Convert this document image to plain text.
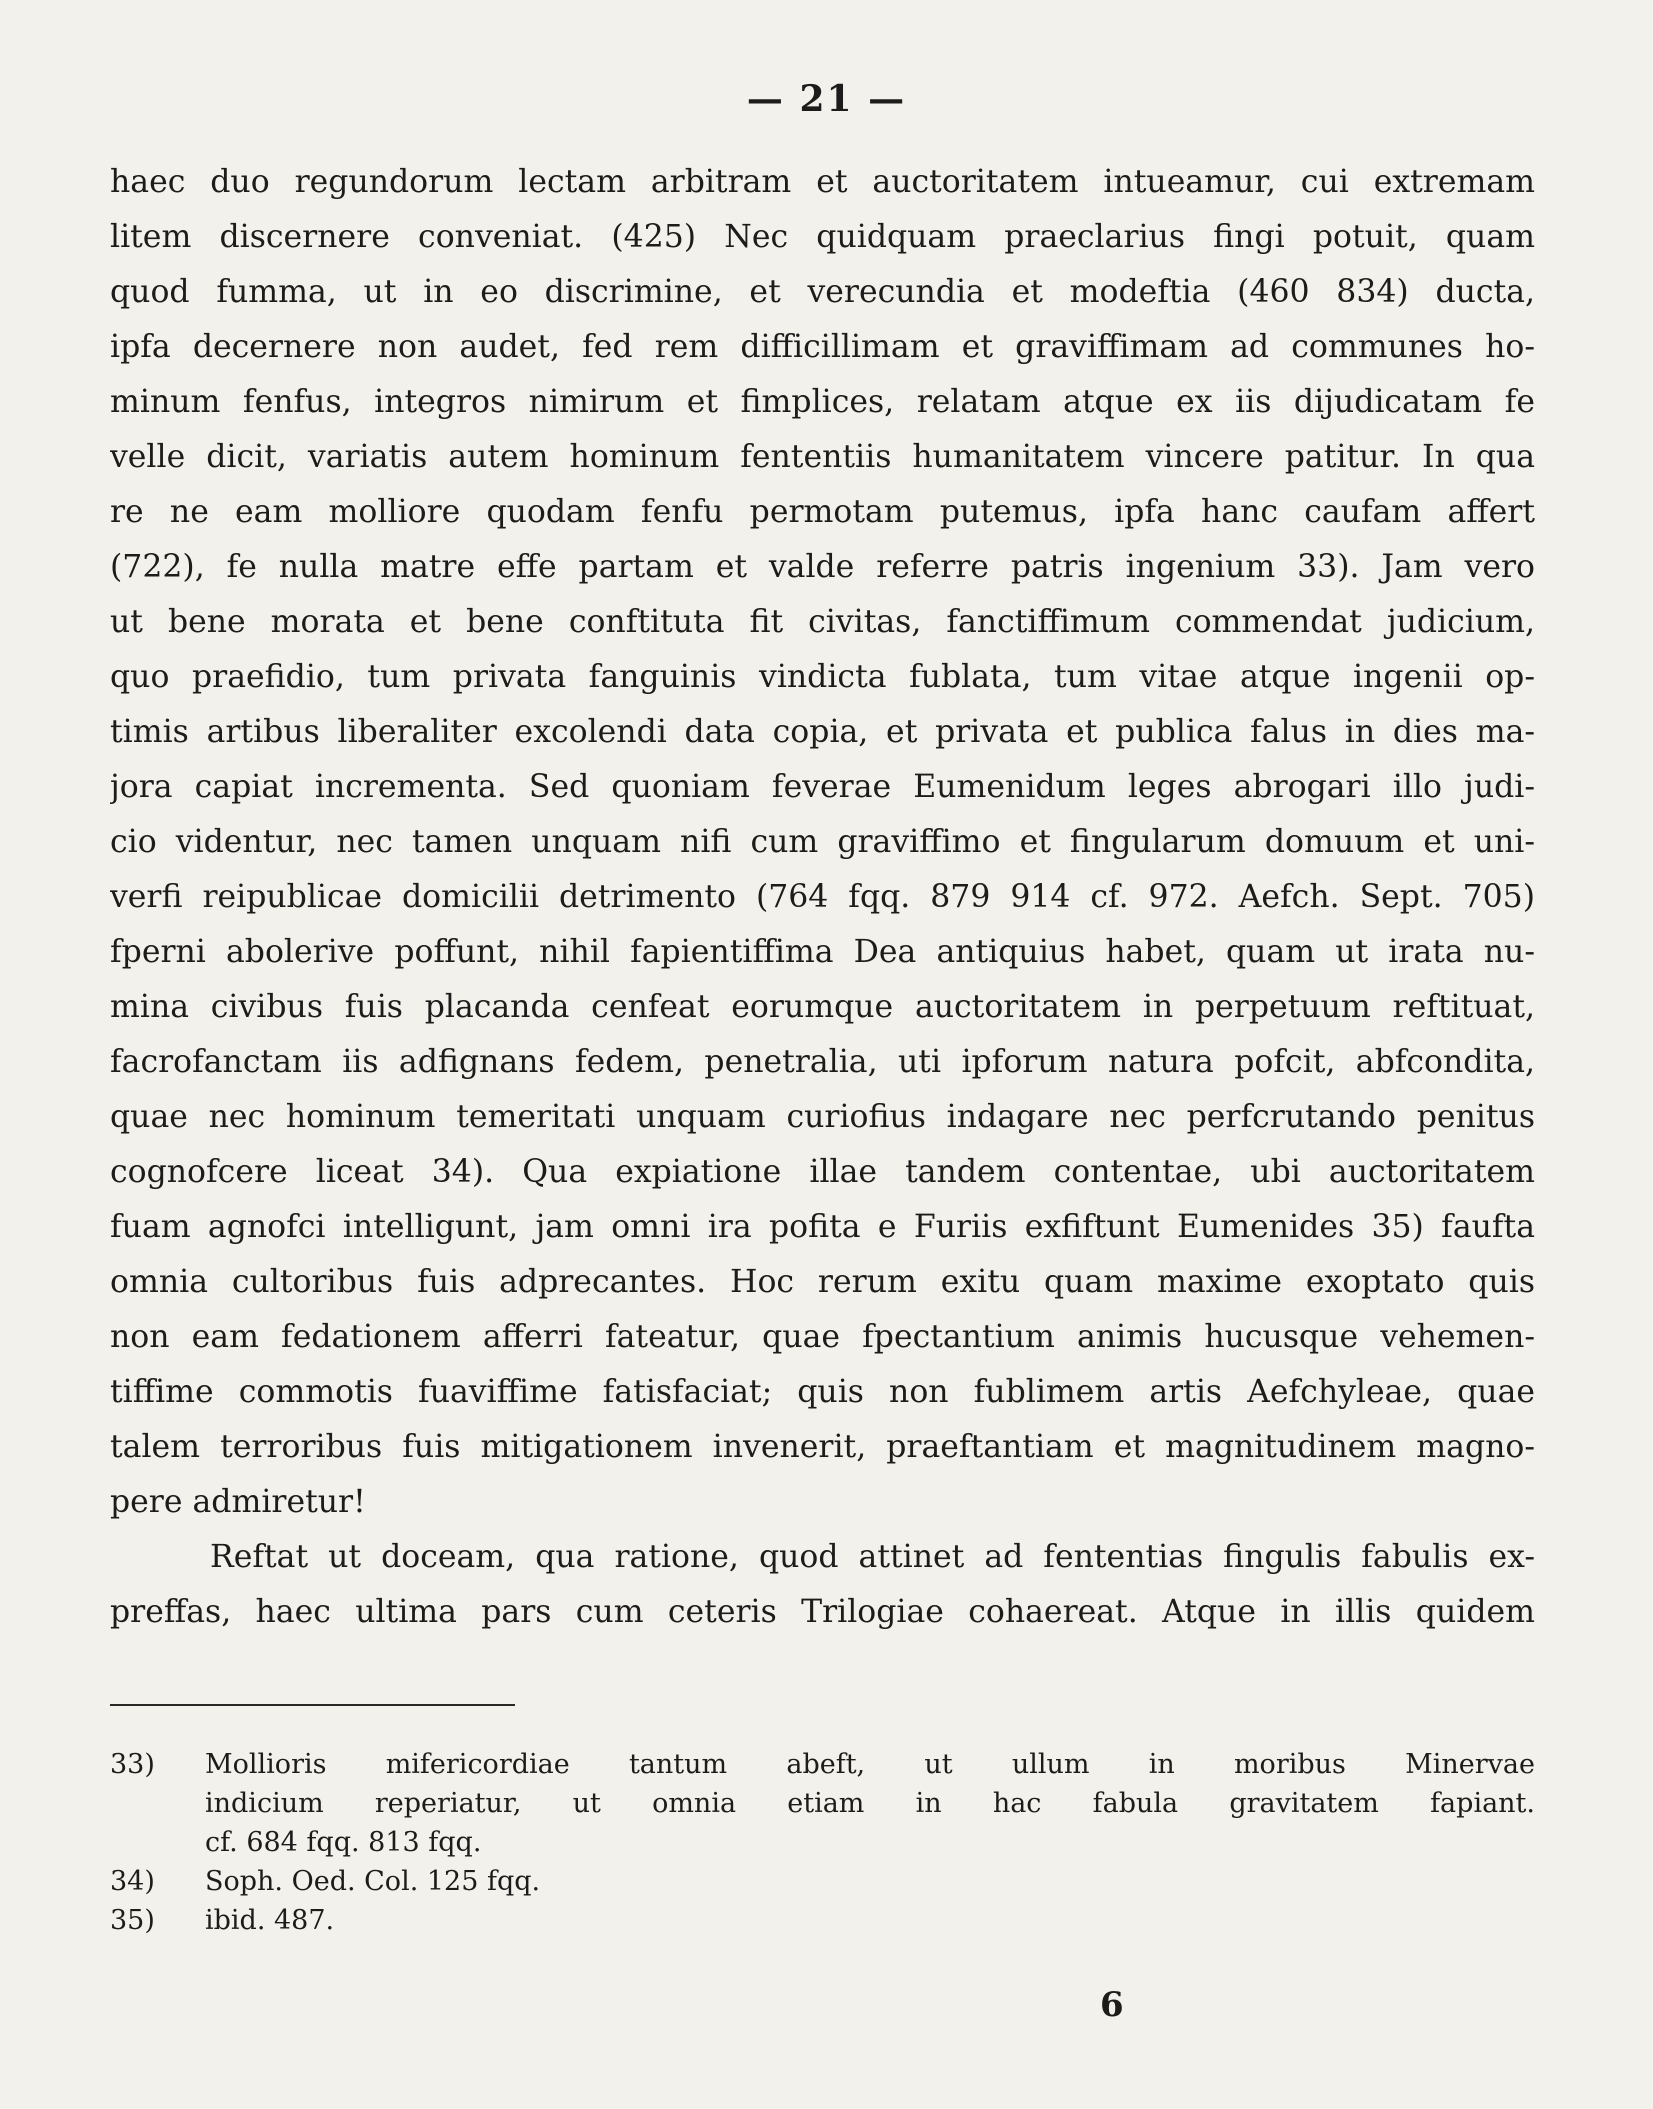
— 21 —
haec duo regundorum lectam arbitram et auctoritatem intueamur, cui extremam
litem discernere conveniat. (425) Nec quidquam praeclarius fingi potuit, quam
quod fumma, ut in eo discrimine, et verecundia et modeftia (460 834) ducta,
ipfa decernere non audet, fed rem difficillimam et graviffimam ad communes ho-
minum fenfus, integros nimirum et fimplices, relatam atque ex iis dijudicatam fe
velle dicit, variatis autem hominum fententiis humanitatem vincere patitur. In qua
re ne eam molliore quodam fenfu permotam putemus, ipfa hanc caufam affert
(722), fe nulla matre effe partam et valde referre patris ingenium 33). Jam vero
ut bene morata et bene conftituta fit civitas, fanctiffimum commendat judicium,
quo praefidio, tum privata fanguinis vindicta fublata, tum vitae atque ingenii op-
timis artibus liberaliter excolendi data copia, et privata et publica falus in dies ma-
jora capiat incrementa. Sed quoniam feverae Eumenidum leges abrogari illo judi-
cio videntur, nec tamen unquam nifi cum graviffimo et fingularum domuum et uni-
verfi reipublicae domicilii detrimento (764 fqq. 879 914 cf. 972. Aefch. Sept. 705)
fperni abolerive poffunt, nihil fapientiffima Dea antiquius habet, quam ut irata nu-
mina civibus fuis placanda cenfeat eorumque auctoritatem in perpetuum reftituat,
facrofanctam iis adfignans fedem, penetralia, uti ipforum natura pofcit, abfcondita,
quae nec hominum temeritati unquam curiofius indagare nec perfcrutando penitus
cognofcere liceat 34). Qua expiatione illae tandem contentae, ubi auctoritatem
fuam agnofci intelligunt, jam omni ira pofita e Furiis exfiftunt Eumenides 35) faufta
omnia cultoribus fuis adprecantes. Hoc rerum exitu quam maxime exoptato quis
non eam fedationem afferri fateatur, quae fpectantium animis hucusque vehemen-
tiffime commotis fuaviffime fatisfaciat; quis non fublimem artis Aefchyleae, quae
talem terroribus fuis mitigationem invenerit, praeftantiam et magnitudinem magno-
pere admiretur!
Reftat ut doceam, qua ratione, quod attinet ad fententias fingulis fabulis ex-
preffas, haec ultima pars cum ceteris Trilogiae cohaereat. Atque in illis quidem
33)	Mollioris mifericordiae tantum abeft, ut ullum in moribus Minervae
indicium reperiatur, ut omnia etiam in hac fabula gravitatem fapiant.
cf. 684 fqq. 813 fqq.
34)	Soph. Oed. Col. 125 fqq.
35)	ibid. 487.
6
